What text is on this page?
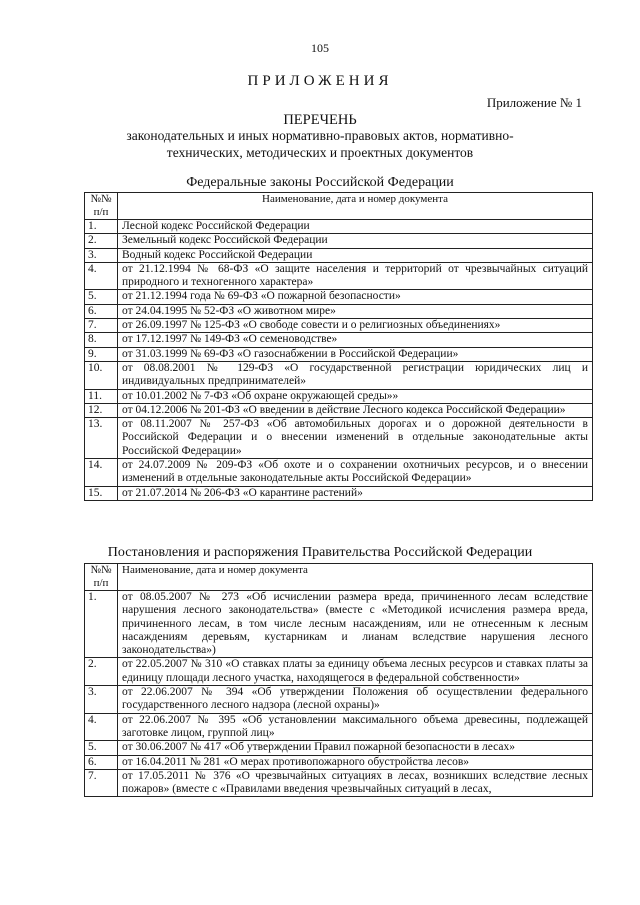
105
ПРИЛОЖЕНИЯ
Приложение № 1
ПЕРЕЧЕНЬ
законодательных и иных нормативно-правовых актов, нормативно-технических, методических и проектных документов
Федеральные законы Российской Федерации
№№ п/п	Наименование, дата и номер документа
1.	Лесной кодекс Российской Федерации
2.	Земельный кодекс Российской Федерации
3.	Водный кодекс Российской Федерации
4.	от 21.12.1994 № 68-ФЗ «О защите населения и территорий от чрезвычайных ситуаций природного и техногенного характера»
5.	от 21.12.1994 года № 69-ФЗ «О пожарной безопасности»
6.	от 24.04.1995 № 52-ФЗ «О животном мире»
7.	от 26.09.1997 № 125-ФЗ «О свободе совести и о религиозных объединениях»
8.	от 17.12.1997 № 149-ФЗ «О семеноводстве»
9.	от 31.03.1999 № 69-ФЗ «О газоснабжении в Российской Федерации»
10.	от 08.08.2001 № 129-ФЗ «О государственной регистрации юридических лиц и индивидуальных предпринимателей»
11.	от 10.01.2002 № 7-ФЗ «Об охране окружающей среды»»
12.	от 04.12.2006 № 201-ФЗ «О введении в действие Лесного кодекса Российской Федерации»
13.	от 08.11.2007 № 257-ФЗ «Об автомобильных дорогах и о дорожной деятельности в Российской Федерации и о внесении изменений в отдельные законодательные акты Российской Федерации»
14.	от 24.07.2009 № 209-ФЗ «Об охоте и о сохранении охотничьих ресурсов, и о внесении изменений в отдельные законодательные акты Российской Федерации»
15.	от 21.07.2014 № 206-ФЗ «О карантине растений»
Постановления и распоряжения Правительства Российской Федерации
№№ п/п	Наименование, дата и номер документа
1.	от 08.05.2007 № 273 «Об исчислении размера вреда, причиненного лесам вследствие нарушения лесного законодательства» (вместе с «Методикой исчисления размера вреда, причиненного лесам, в том числе лесным насаждениям, или не отнесенным к лесным насаждениям деревьям, кустарникам и лианам вследствие нарушения лесного законодательства»)
2.	от 22.05.2007 № 310 «О ставках платы за единицу объема лесных ресурсов и ставках платы за единицу площади лесного участка, находящегося в федеральной собственности»
3.	от 22.06.2007 № 394 «Об утверждении Положения об осуществлении федерального государственного лесного надзора (лесной охраны)»
4.	от 22.06.2007 № 395 «Об установлении максимального объема древесины, подлежащей заготовке лицом, группой лиц»
5.	от 30.06.2007 № 417 «Об утверждении Правил пожарной безопасности в лесах»
6.	от 16.04.2011 № 281 «О мерах противопожарного обустройства лесов»
7.	от 17.05.2011 № 376 «О чрезвычайных ситуациях в лесах, возникших вследствие лесных пожаров» (вместе с «Правилами введения чрезвычайных ситуаций в лесах,
